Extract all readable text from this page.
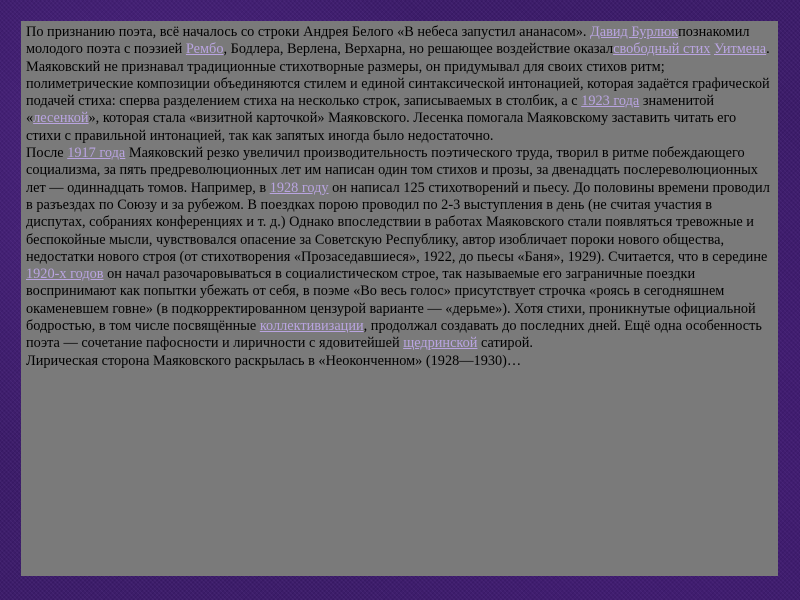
По признанию поэта, всё началось со строки Андрея Белого «В небеса запустил ананасом». Давид Бурлюкпознакомил молодого поэта с поэзией Рембо, Бодлера, Верлена, Верхарна, но решающее воздействие оказалсвободный стих Уитмена. Маяковский не признавал традиционные стихотворные размеры, он придумывал для своих стихов ритм; полиметрические композиции объединяются стилем и единой синтаксической интонацией, которая задаётся графической подачей стиха: сперва разделением стиха на несколько строк, записываемых в столбик, а с 1923 года знаменитой «лесенкой», которая стала «визитной карточкой» Маяковского. Лесенка помогала Маяковскому заставить читать его стихи с правильной интонацией, так как запятых иногда было недостаточно.
После 1917 года Маяковский резко увеличил производительность поэтического труда, творил в ритме побеждающего социализма, за пять предреволюционных лет им написан один том стихов и прозы, за двенадцать послереволюционных лет — одиннадцать томов. Например, в 1928 году он написал 125 стихотворений и пьесу. До половины времени проводил в разъездах по Союзу и за рубежом. В поездках порою проводил по 2-3 выступления в день (не считая участия в диспутах, собраниях конференциях и т. д.) Однако впоследствии в работах Маяковского стали появляться тревожные и беспокойные мысли, чувствовался опасение за Советскую Республику, автор изобличает пороки нового общества, недостатки нового строя (от стихотворения «Прозаседавшиеся», 1922, до пьесы «Баня», 1929). Считается, что в середине 1920-х годов он начал разочаровываться в социалистическом строе, так называемые его заграничные поездки воспринимают как попытки убежать от себя, в поэме «Во весь голос» присутствует строчка «роясь в сегодняшнем окаменевшем говне» (в подкорректированном цензурой варианте — «дерьме»). Хотя стихи, проникнутые официальной бодростью, в том числе посвящённые коллективизации, продолжал создавать до последних дней. Ещё одна особенность поэта — сочетание пафосности и лиричности с ядовитейшей щедринской сатирой.
Лирическая сторона Маяковского раскрылась в «Неоконченном» (1928—1930)…
